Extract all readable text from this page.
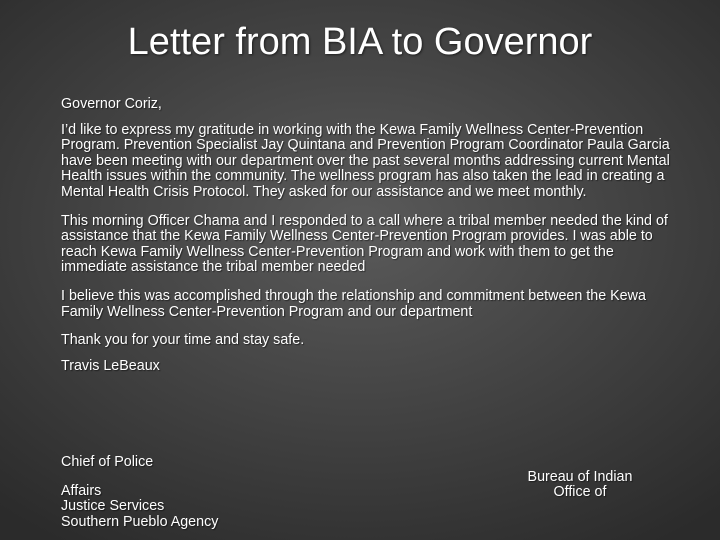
Letter from BIA to Governor

Governor Coriz,

I’d like to express my gratitude in working with the Kewa Family Wellness Center-Prevention Program. Prevention Specialist Jay Quintana and Prevention Program Coordinator Paula Garcia have been meeting with our department over the past several months addressing current Mental Health issues within the community. The wellness program has also taken the lead in creating a Mental Health Crisis Protocol. They asked for our assistance and we meet monthly.

This morning Officer Chama and I responded to a call where a tribal member needed the kind of assistance that the Kewa Family Wellness Center-Prevention Program provides. I was able to reach Kewa Family Wellness Center-Prevention Program and work with them to get the immediate assistance the tribal member needed

I believe this was accomplished through the relationship and commitment between the Kewa Family Wellness Center-Prevention Program and our department

Thank you for your time and stay safe.

Travis LeBeaux

Chief of Police
Affairs
Justice Services
Southern Pueblo Agency
Bureau of Indian
Office of
